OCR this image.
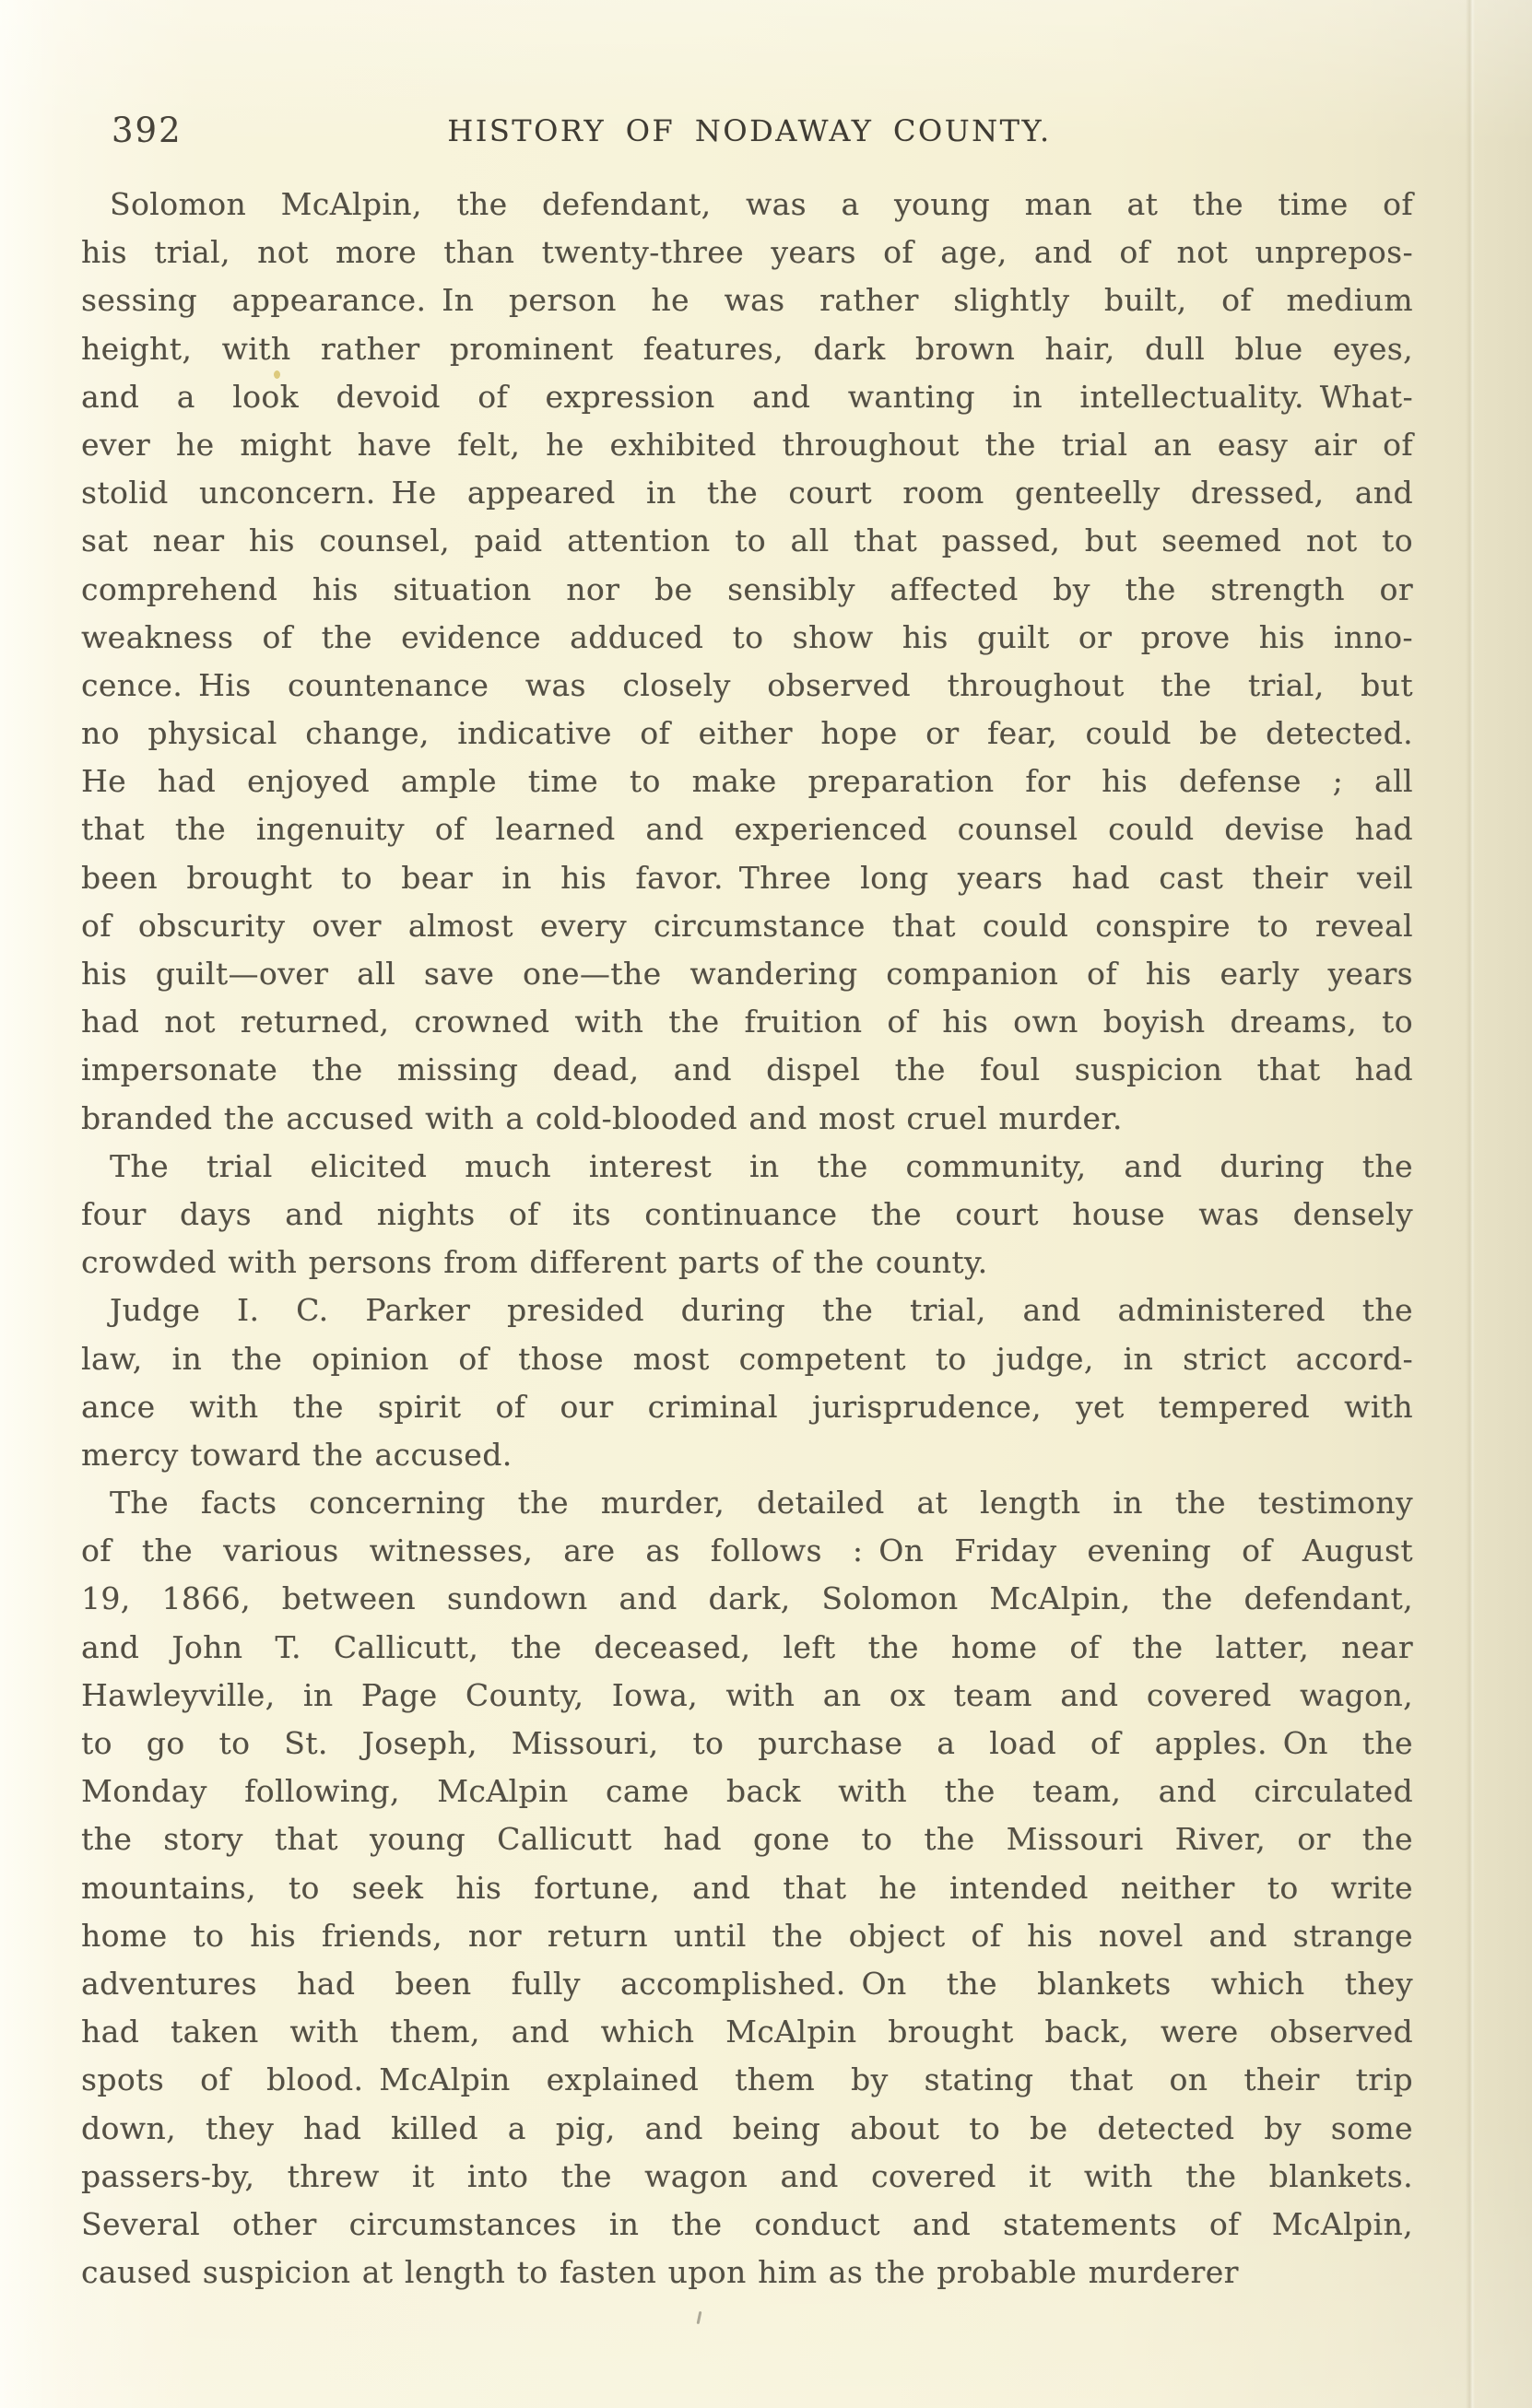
392	HISTORY OF NODAWAY COUNTY.
Solomon McAlpin, the defendant, was a young man at the time of
his trial, not more than twenty-three years of age, and of not unprepos-
sessing appearance. In person he was rather slightly built, of medium
height, with rather prominent features, dark brown hair, dull blue eyes,
and a look devoid of expression and wanting in intellectuality. What-
ever he might have felt, he exhibited throughout the trial an easy air of
stolid unconcern. He appeared in the court room genteelly dressed, and
sat near his counsel, paid attention to all that passed, but seemed not to
comprehend his situation nor be sensibly affected by the strength or
weakness of the evidence adduced to show his guilt or prove his inno-
cence. His countenance was closely observed throughout the trial, but
no physical change, indicative of either hope or fear, could be detected.
He had enjoyed ample time to make preparation for his defense ; all
that the ingenuity of learned and experienced counsel could devise had
been brought to bear in his favor. Three long years had cast their veil
of obscurity over almost every circumstance that could conspire to reveal
his guilt—over all save one—the wandering companion of his early years
had not returned, crowned with the fruition of his own boyish dreams, to
impersonate the missing dead, and dispel the foul suspicion that had
branded the accused with a cold-blooded and most cruel murder.
The trial elicited much interest in the community, and during the
four days and nights of its continuance the court house was densely
crowded with persons from different parts of the county.
Judge I. C. Parker presided during the trial, and administered the
law, in the opinion of those most competent to judge, in strict accord-
ance with the spirit of our criminal jurisprudence, yet tempered with
mercy toward the accused.
The facts concerning the murder, detailed at length in the testimony
of the various witnesses, are as follows : On Friday evening of August
19, 1866, between sundown and dark, Solomon McAlpin, the defendant,
and John T. Callicutt, the deceased, left the home of the latter, near
Hawleyville, in Page County, Iowa, with an ox team and covered wagon,
to go to St. Joseph, Missouri, to purchase a load of apples. On the
Monday following, McAlpin came back with the team, and circulated
the story that young Callicutt had gone to the Missouri River, or the
mountains, to seek his fortune, and that he intended neither to write
home to his friends, nor return until the object of his novel and strange
adventures had been fully accomplished. On the blankets which they
had taken with them, and which McAlpin brought back, were observed
spots of blood. McAlpin explained them by stating that on their trip
down, they had killed a pig, and being about to be detected by some
passers-by, threw it into the wagon and covered it with the blankets.
Several other circumstances in the conduct and statements of McAlpin,
caused suspicion at length to fasten upon him as the probable murderer
